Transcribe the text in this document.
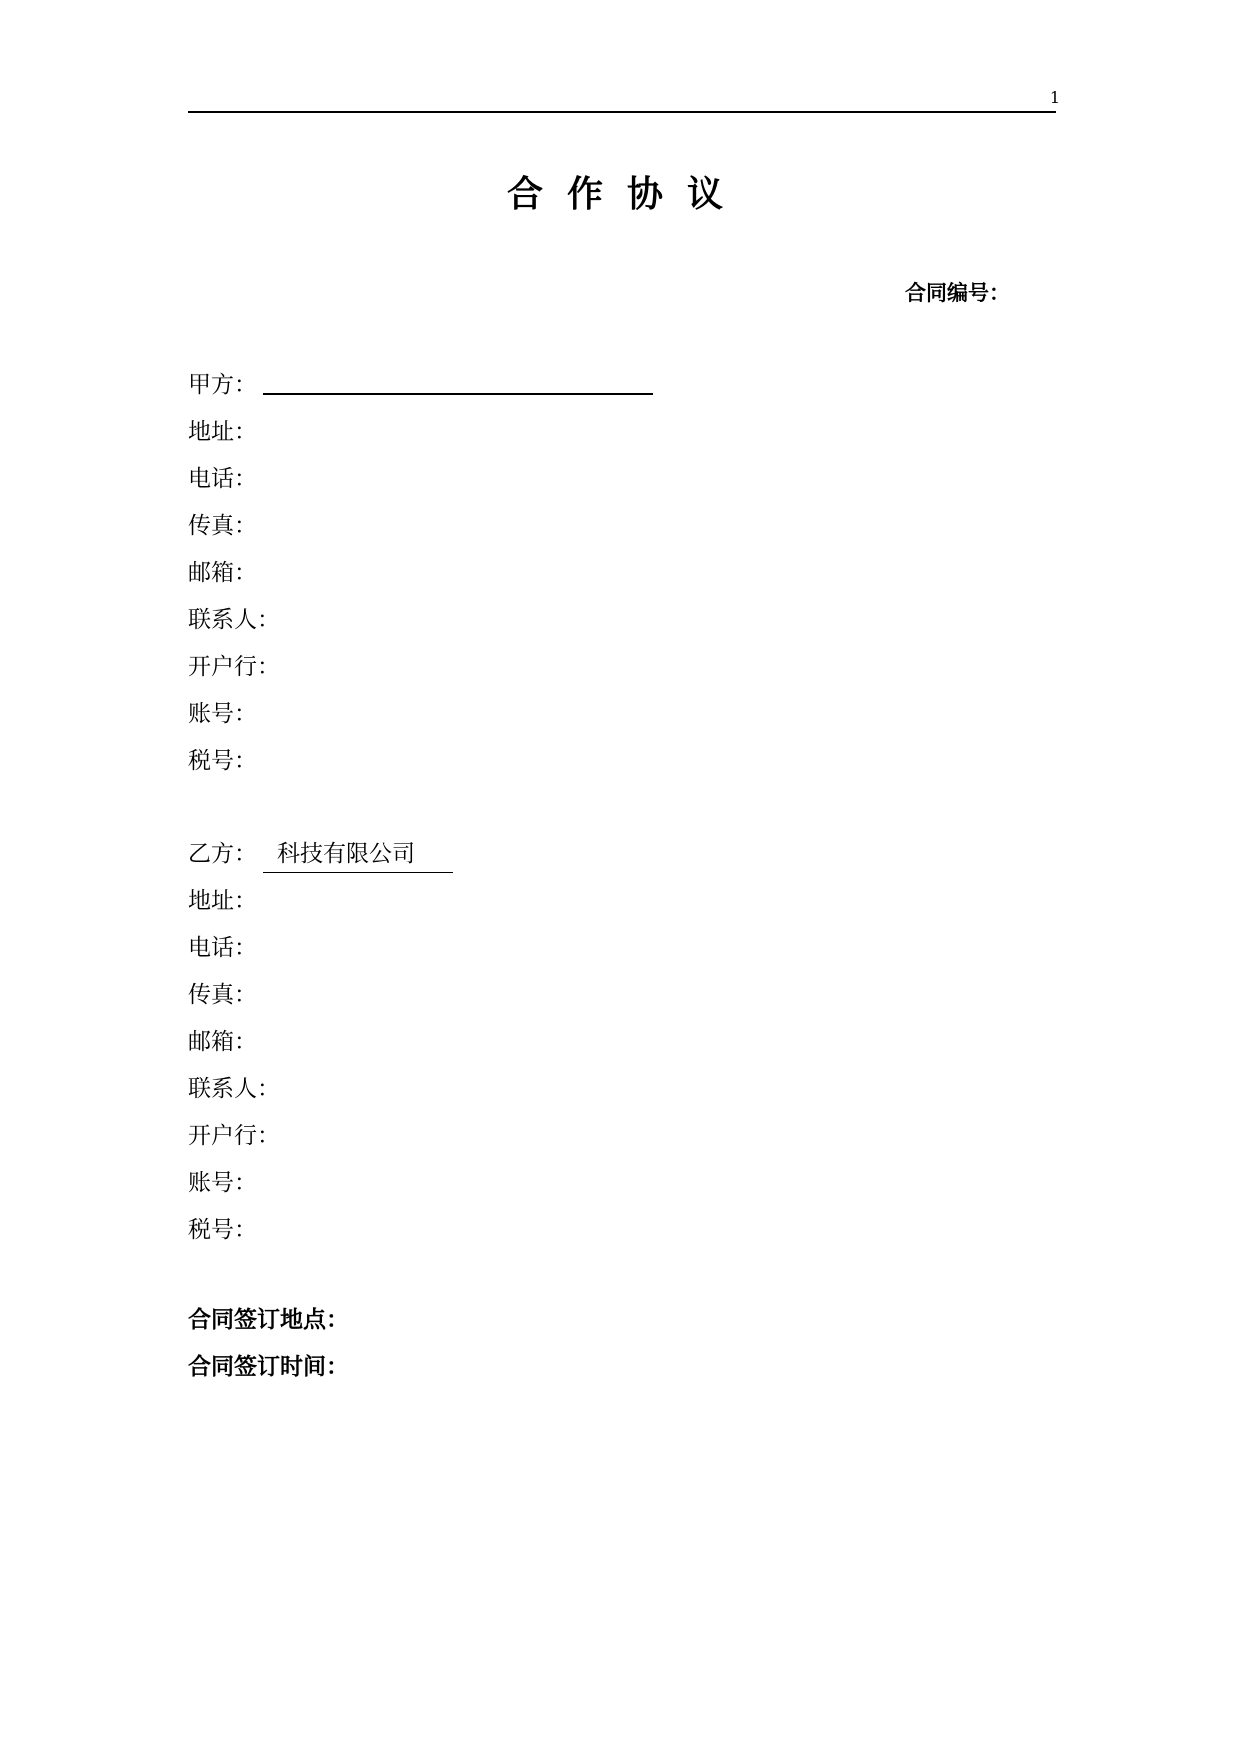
1
合作协议
合同编号：
甲方：
地址：
电话：
传真：
邮箱：
联系人：
开户行：
账号：
税号：
乙方： 科技有限公司
地址：
电话：
传真：
邮箱：
联系人：
开户行：
账号：
税号：
合同签订地点：
合同签订时间：
